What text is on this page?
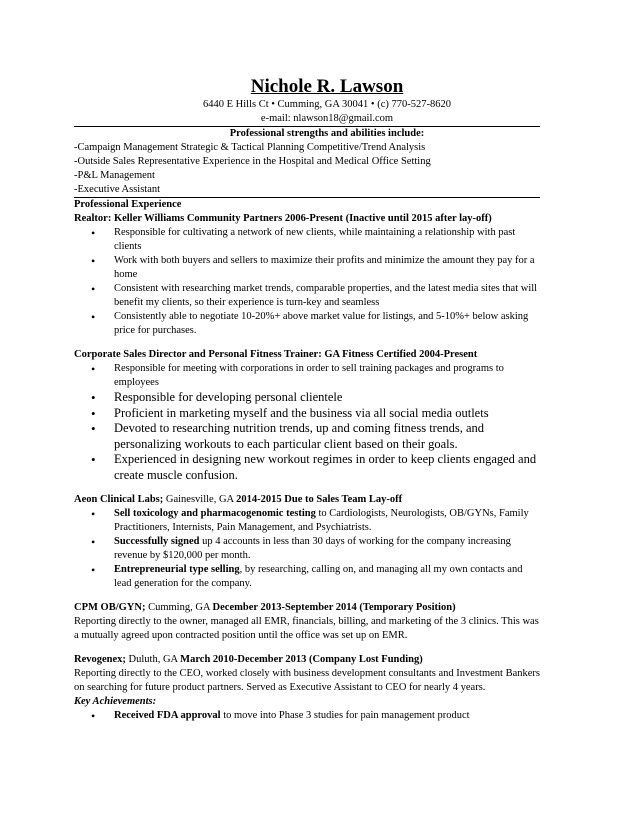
Nichole R. Lawson
6440 E Hills Ct • Cumming, GA 30041 • (c) 770-527-8620
e-mail: nlawson18@gmail.com
Professional strengths and abilities include:
-Campaign Management Strategic & Tactical Planning Competitive/Trend Analysis
-Outside Sales Representative Experience in the Hospital and Medical Office Setting
-P&L Management
-Executive Assistant
Professional Experience
Realtor: Keller Williams Community Partners 2006-Present (Inactive until 2015 after lay-off)
• Responsible for cultivating a network of new clients, while maintaining a relationship with past clients
• Work with both buyers and sellers to maximize their profits and minimize the amount they pay for a home
• Consistent with researching market trends, comparable properties, and the latest media sites that will benefit my clients, so their experience is turn-key and seamless
• Consistently able to negotiate 10-20%+ above market value for listings, and 5-10%+ below asking price for purchases.
Corporate Sales Director and Personal Fitness Trainer: GA Fitness Certified 2004-Present
• Responsible for meeting with corporations in order to sell training packages and programs to employees
• Responsible for developing personal clientele
• Proficient in marketing myself and the business via all social media outlets
• Devoted to researching nutrition trends, up and coming fitness trends, and personalizing workouts to each particular client based on their goals.
• Experienced in designing new workout regimes in order to keep clients engaged and create muscle confusion.
Aeon Clinical Labs; Gainesville, GA 2014-2015 Due to Sales Team Lay-off
• Sell toxicology and pharmacogenomic testing to Cardiologists, Neurologists, OB/GYNs, Family Practitioners, Internists, Pain Management, and Psychiatrists.
• Successfully signed up 4 accounts in less than 30 days of working for the company increasing revenue by $120,000 per month.
• Entrepreneurial type selling, by researching, calling on, and managing all my own contacts and lead generation for the company.
CPM OB/GYN; Cumming, GA December 2013-September 2014 (Temporary Position)
Reporting directly to the owner, managed all EMR, financials, billing, and marketing of the 3 clinics. This was a mutually agreed upon contracted position until the office was set up on EMR.
Revogenex; Duluth, GA March 2010-December 2013 (Company Lost Funding)
Reporting directly to the CEO, worked closely with business development consultants and Investment Bankers on searching for future product partners. Served as Executive Assistant to CEO for nearly 4 years.
Key Achievements:
• Received FDA approval to move into Phase 3 studies for pain management product
